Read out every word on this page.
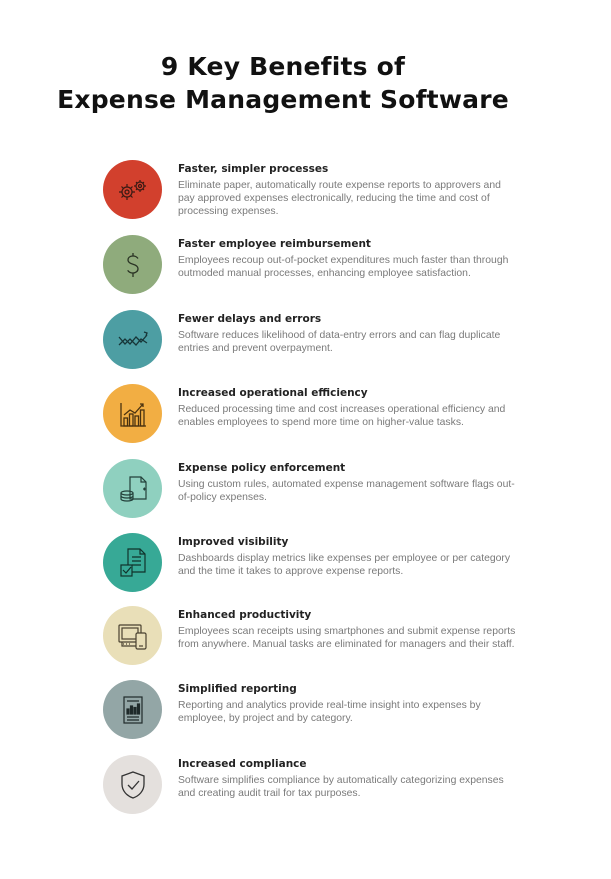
9 Key Benefits of
Expense Management Software
Faster, simpler processes
Eliminate paper, automatically route expense reports to approvers and pay approved expenses electronically, reducing the time and cost of processing expenses.
Faster employee reimbursement
Employees recoup out-of-pocket expenditures much faster than through outmoded manual processes, enhancing employee satisfaction.
Fewer delays and errors
Software reduces likelihood of data-entry errors and can flag duplicate entries and prevent overpayment.
Increased operational efficiency
Reduced processing time and cost increases operational efficiency and enables employees to spend more time on higher-value tasks.
Expense policy enforcement
Using custom rules, automated expense management software flags out-of-policy expenses.
Improved visibility
Dashboards display metrics like expenses per employee or per category and the time it takes to approve expense reports.
Enhanced productivity
Employees scan receipts using smartphones and submit expense reports from anywhere. Manual tasks are eliminated for managers and their staff.
Simplified reporting
Reporting and analytics provide real-time insight into expenses by employee, by project and by category.
Increased compliance
Software simplifies compliance by automatically categorizing expenses and creating audit trail for tax purposes.
